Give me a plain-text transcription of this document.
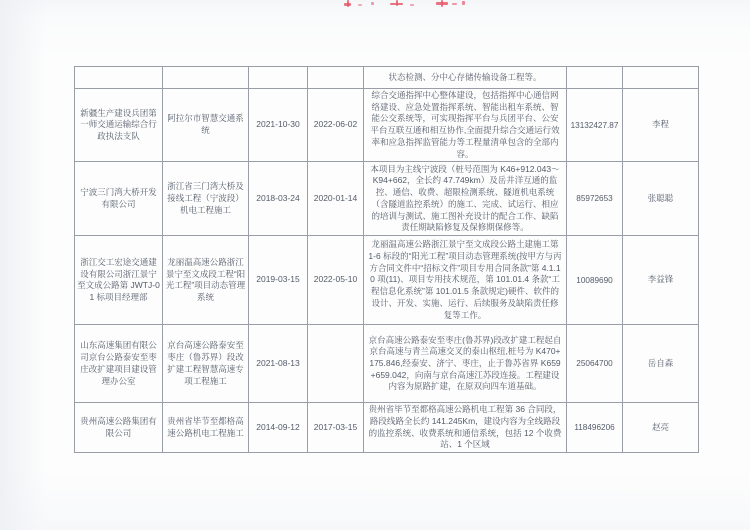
				状态检测、分中心存储传输设备工程等。		
新疆生产建设兵团第一师交通运输综合行政执法支队	阿拉尔市智慧交通系统	2021-10-30	2022-06-02	综合交通指挥中心整体建设，包括指挥中心通信网络建设、应急处置指挥系统、智能出租车系统、智能公交系统等，可实现指挥平台与兵团平台、公安平台互联互通和相互协作,全面提升综合交通运行效率和应急指挥监管能力等工程量清单包含的全部内容。	13132427.87	李程
宁波三门湾大桥开发有限公司	浙江省三门湾大桥及接线工程（宁波段）机电工程施工	2018-03-24	2020-01-14	本项目为主线宁波段（桩号范围为 K46+912.043～K94+662，全长约 47.749km）及岳井洋互通的监控、通信、收费、超限检测系统、隧道机电系统（含隧道监控系统）的施工、完成、试运行、相应的培训与测试、施工图补充设计的配合工作、缺陷责任期缺陷修复及保修期保修等。	85972653	张聪聪
浙江交工宏途交通建设有限公司浙江景宁至文成公路第 JWTJ-01 标项目经理部	龙丽温高速公路浙江景宁至文成段工程“阳光工程”项目动态管理系统	2019-03-15	2022-05-10	龙丽温高速公路浙江景宁至文成段公路土建施工第 1-6 标段的“阳光工程”项目动态管理系统(按甲方与丙方合同文件中“招标文件”项目专用合同条款”第 4.1.10 项(11)、项目专用技术规范，第 101.01.4 条款“工程信息化系统”第 101.01.5 条款规定)硬件、软件的设计、开发、实施、运行、后续服务及缺陷责任修复等工作。	10089690	李益锋
山东高速集团有限公司京台公路泰安至枣庄改扩建项目建设管理办公室	京台高速公路泰安至枣庄（鲁苏界）段改扩建工程智慧高速专项工程施工	2021-08-13		京台高速公路泰安至枣庄(鲁苏界)段改扩建工程起自京台高速与青兰高速交叉的泰山枢纽,桩号为 K470+175.846,经泰安、济宁、枣庄，止于鲁苏省界 K659+659.042，向南与京台高速江苏段连接。工程建设内容为原路扩建，在原双向四车道基础。	25064700	岳自森
贵州高速公路集团有限公司	贵州省毕节至都格高速公路机电工程施工	2014-09-12	2017-03-15	贵州省毕节至都格高速公路机电工程第 36 合同段，路段线路全长约 141.245Km，建设内容为全线路段的监控系统、收费系统和通信系统，包括 12 个收费站、1 个区域	118496206	赵亮
